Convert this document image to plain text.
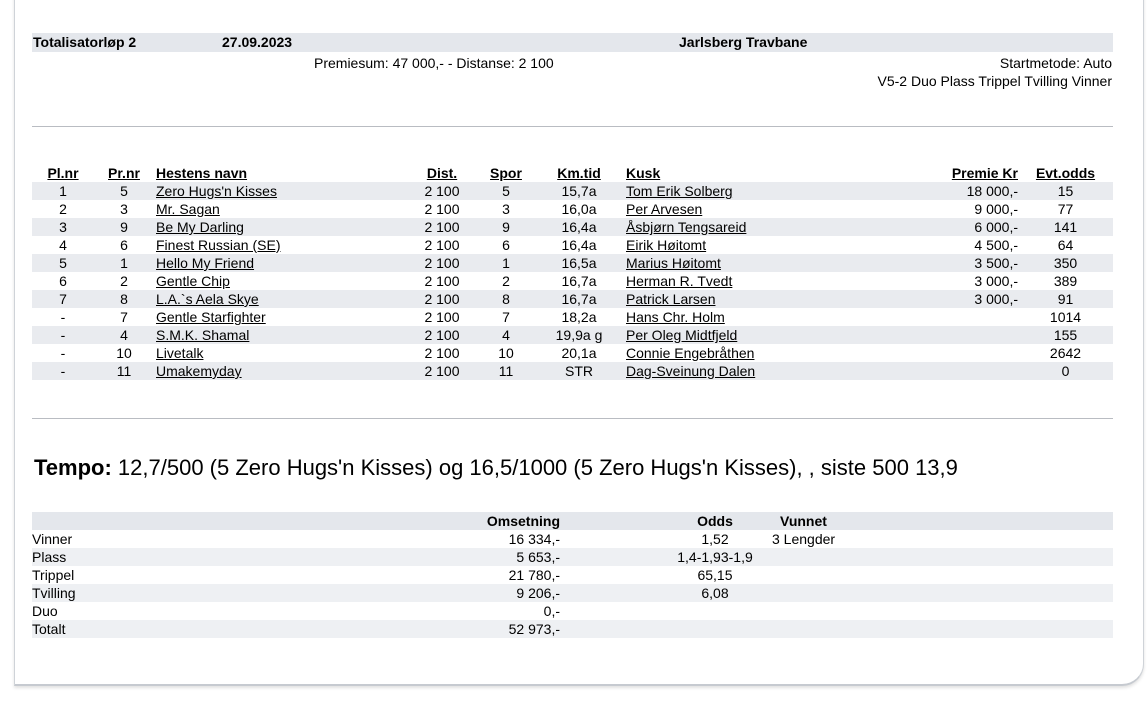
Totalisatorløp 2	27.09.2023	Jarlsberg Travbane
Premiesum: 47 000,- - Distanse: 2 100	Startmetode: Auto
V5-2 Duo Plass Trippel Tvilling Vinner
Pl.nr	Pr.nr	Hestens navn	Dist.	Spor	Km.tid	Kusk	Premie Kr	Evt.odds
1	5	Zero Hugs'n Kisses	2 100	5	15,7a	Tom Erik Solberg	18 000,-	15
2	3	Mr. Sagan	2 100	3	16,0a	Per Arvesen	9 000,-	77
3	9	Be My Darling	2 100	9	16,4a	Åsbjørn Tengsareid	6 000,-	141
4	6	Finest Russian (SE)	2 100	6	16,4a	Eirik Høitomt	4 500,-	64
5	1	Hello My Friend	2 100	1	16,5a	Marius Høitomt	3 500,-	350
6	2	Gentle Chip	2 100	2	16,7a	Herman R. Tvedt	3 000,-	389
7	8	L.A.`s Aela Skye	2 100	8	16,7a	Patrick Larsen	3 000,-	91
-	7	Gentle Starfighter	2 100	7	18,2a	Hans Chr. Holm		1014
-	4	S.M.K. Shamal	2 100	4	19,9a g	Per Oleg Midtfjeld		155
-	10	Livetalk	2 100	10	20,1a	Connie Engebråthen		2642
-	11	Umakemyday	2 100	11	STR	Dag-Sveinung Dalen		0
Tempo: 12,7/500 (5 Zero Hugs'n Kisses) og 16,5/1000 (5 Zero Hugs'n Kisses), , siste 500 13,9
	Omsetning	Odds	Vunnet
Vinner	16 334,-	1,52	3 Lengder
Plass	5 653,-	1,4-1,93-1,9	
Trippel	21 780,-	65,15	
Tvilling	9 206,-	6,08	
Duo	0,-		
Totalt	52 973,-		
